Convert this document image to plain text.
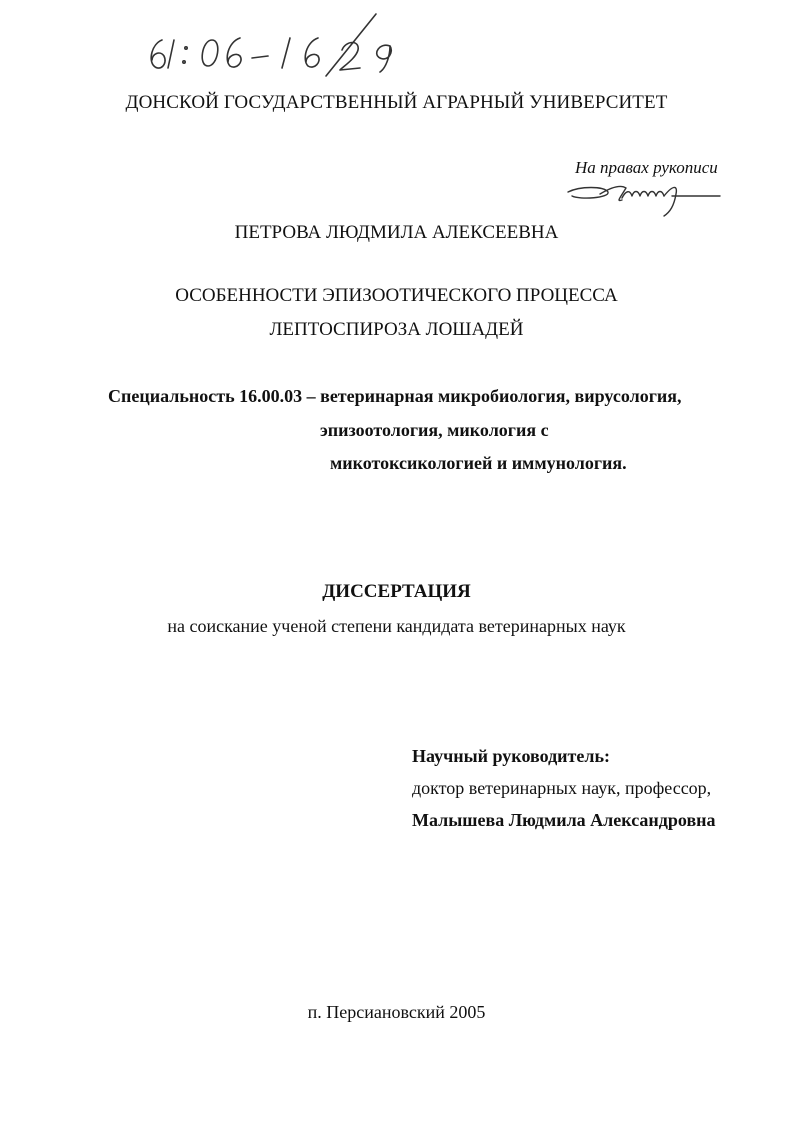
ДОНСКОЙ ГОСУДАРСТВЕННЫЙ АГРАРНЫЙ УНИВЕРСИТЕТ
На правах рукописи
ПЕТРОВА ЛЮДМИЛА АЛЕКСЕЕВНА
ОСОБЕННОСТИ ЭПИЗООТИЧЕСКОГО ПРОЦЕССА
ЛЕПТОСПИРОЗА ЛОШАДЕЙ
Специальность 16.00.03 – ветеринарная микробиология, вирусология,
эпизоотология, микология с
микотоксикологией и иммунология.
ДИССЕРТАЦИЯ
на соискание ученой степени кандидата ветеринарных наук
Научный руководитель:
доктор ветеринарных наук, профессор,
Малышева Людмила Александровна
п. Персиановский 2005
